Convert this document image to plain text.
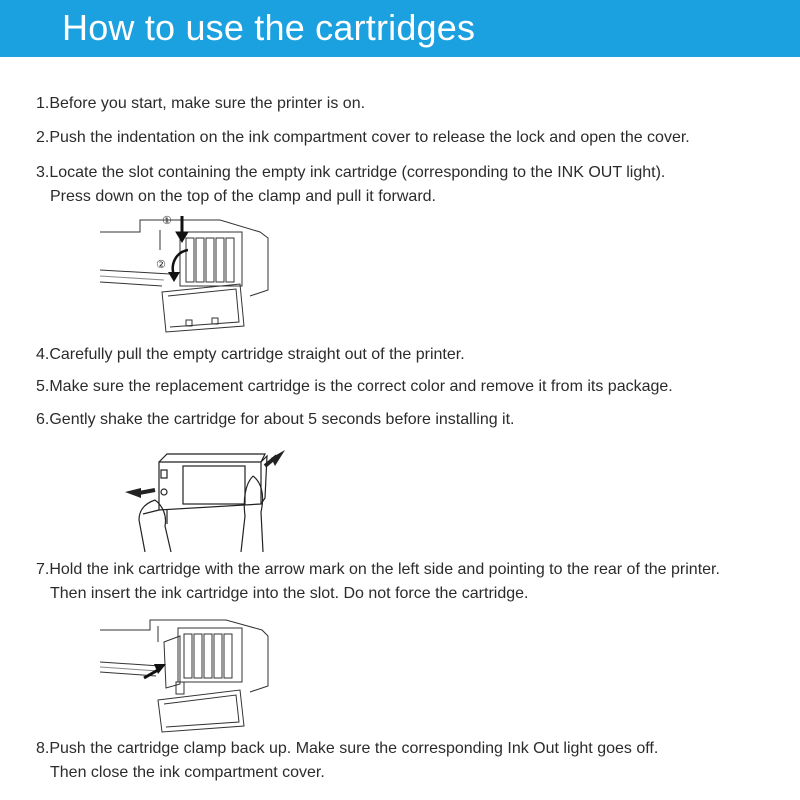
How to use the cartridges
1.Before you start, make sure the printer is on.
2.Push the indentation on the ink compartment cover to release the lock and open the cover.
3.Locate the slot containing the empty ink cartridge (corresponding to the INK OUT light).
Press down on the top of the clamp and pull it forward.
①
②
4.Carefully pull the empty cartridge straight out of the printer.
5.Make sure the replacement cartridge is the correct color and remove it from its package.
6.Gently shake the cartridge for about 5 seconds before installing it.
7.Hold the ink cartridge with the arrow mark on the left side and pointing to the rear of the printer.
Then insert the ink cartridge into the slot. Do not force the cartridge.
8.Push the cartridge clamp back up. Make sure the corresponding Ink Out light goes off.
Then close the ink compartment cover.
